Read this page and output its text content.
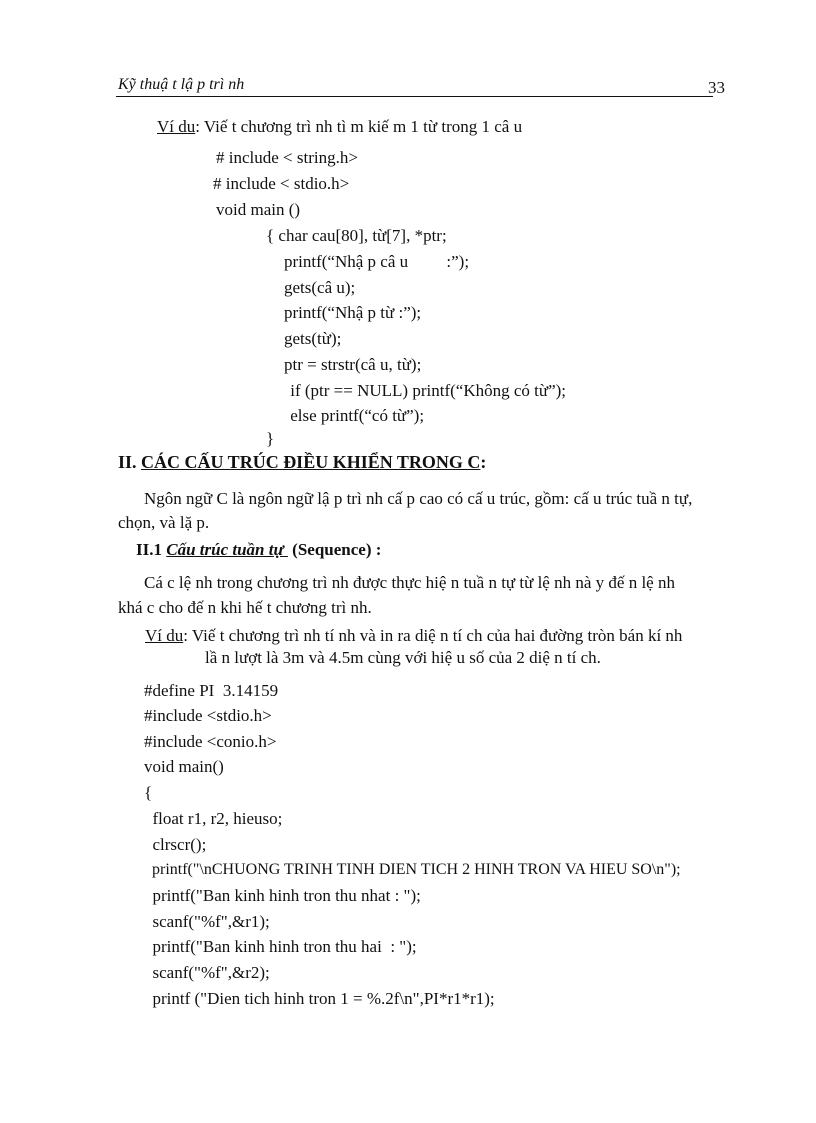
Kỹ thuậ t lậ p trì nh	33
Ví du: Viế t chương trì nh tì m kiế m 1 từ trong 1 câ u
# include < string.h>
# include < stdio.h>
void main ()
{ char cau[80], từ[7], *ptr;
printf(“Nhậ p câ u         :”);
gets(câ u);
printf(“Nhậ p từ :”);
gets(từ);
ptr = strstr(câ u, từ);
if (ptr == NULL) printf(“Không có từ”);
else printf(“có từ”);
}
II. CÁC CẤU TRÚC ĐIỀU KHIỂN TRONG C:
Ngôn ngữ C là ngôn ngữ lậ p trì nh cấ p cao có cấ u trúc, gồm: cấ u trúc tuầ n tự,
chọn, và lặ p.
II.1 Cấu trúc tuần tự  (Sequence) :
Cá c lệ nh trong chương trì nh được thực hiệ n tuầ n tự từ lệ nh nà y đế n lệ nh
khá c cho đế n khi hế t chương trì nh.
Ví du: Viế t chương trì nh tí nh và in ra diệ n tí ch của hai đường tròn bán kí nh
lầ n lượt là 3m và 4.5m cùng với hiệ u số của 2 diệ n tí ch.
#define PI  3.14159
#include <stdio.h>
#include <conio.h>
void main()
{
float r1, r2, hieuso;
clrscr();
printf("\nCHUONG TRINH TINH DIEN TICH 2 HINH TRON VA HIEU SO\n");
printf("Ban kinh hinh tron thu nhat : ");
scanf("%f",&r1);
printf("Ban kinh hinh tron thu hai  : ");
scanf("%f",&r2);
printf ("Dien tich hinh tron 1 = %.2f\n",PI*r1*r1);
